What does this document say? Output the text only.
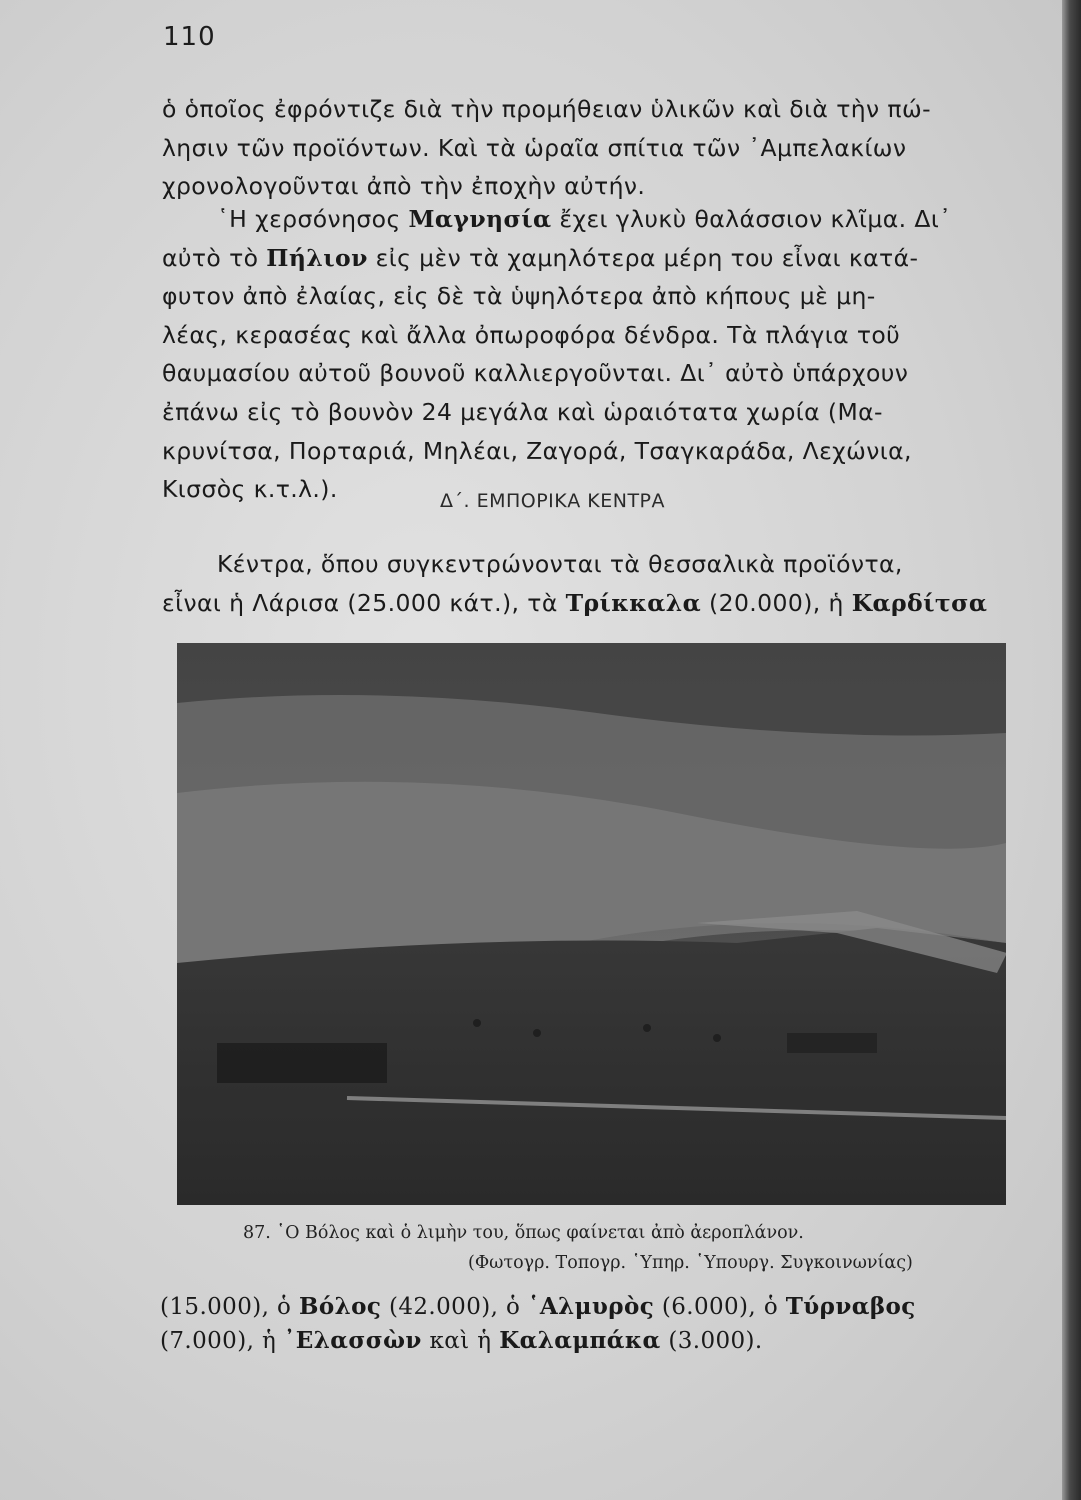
110
ὁ ὁποῖος ἐφρόντιζε διὰ τὴν προμήθειαν ὑλικῶν καὶ διὰ τὴν πώ-
λησιν τῶν προϊόντων. Καὶ τὰ ὡραῖα σπίτια τῶν ᾿Αμπελακίων
χρονολογοῦνται ἀπὸ τὴν ἐποχὴν αὐτήν.
῾Η χερσόνησος Μαγνησία ἔχει γλυκὺ θαλάσσιον κλῖμα. Δι᾿
αὐτὸ τὸ Πήλιον εἰς μὲν τὰ χαμηλότερα μέρη του εἶναι κατά-
φυτον ἀπὸ ἐλαίας, εἰς δὲ τὰ ὑψηλότερα ἀπὸ κήπους μὲ μη-
λέας, κερασέας καὶ ἄλλα ὀπωροφόρα δένδρα. Τὰ πλάγια τοῦ
θαυμασίου αὐτοῦ βουνοῦ καλλιεργοῦνται. Δι᾿ αὐτὸ ὑπάρχουν
ἐπάνω εἰς τὸ βουνὸν 24 μεγάλα καὶ ὡραιότατα χωρία (Μα-
κρυνίτσα, Πορταριά, Μηλέαι, Ζαγορά, Τσαγκαράδα, Λεχώνια,
Κισσὸς κ.τ.λ.).	Δ΄. ΕΜΠΟΡΙΚΑ ΚΕΝΤΡΑ
Κέντρα, ὅπου συγκεντρώνονται τὰ θεσσαλικὰ προϊόντα,
εἶναι ἡ Λάρισα (25.000 κάτ.), τὰ Τρίκκαλα (20.000), ἡ Καρδίτσα
87. ῾Ο Βόλος καὶ ὁ λιμὴν του, ὅπως φαίνεται ἀπὸ ἀεροπλάνον.
(Φωτογρ. Τοπογρ. ῾Υπηρ. ῾Υπουργ. Συγκοινωνίας)
(15.000), ὁ Βόλος (42.000), ὁ ῾Αλμυρὸς (6.000), ὁ Τύρναβος
(7.000), ἡ ᾿Ελασσὼν καὶ ἡ Καλαμπάκα (3.000).
